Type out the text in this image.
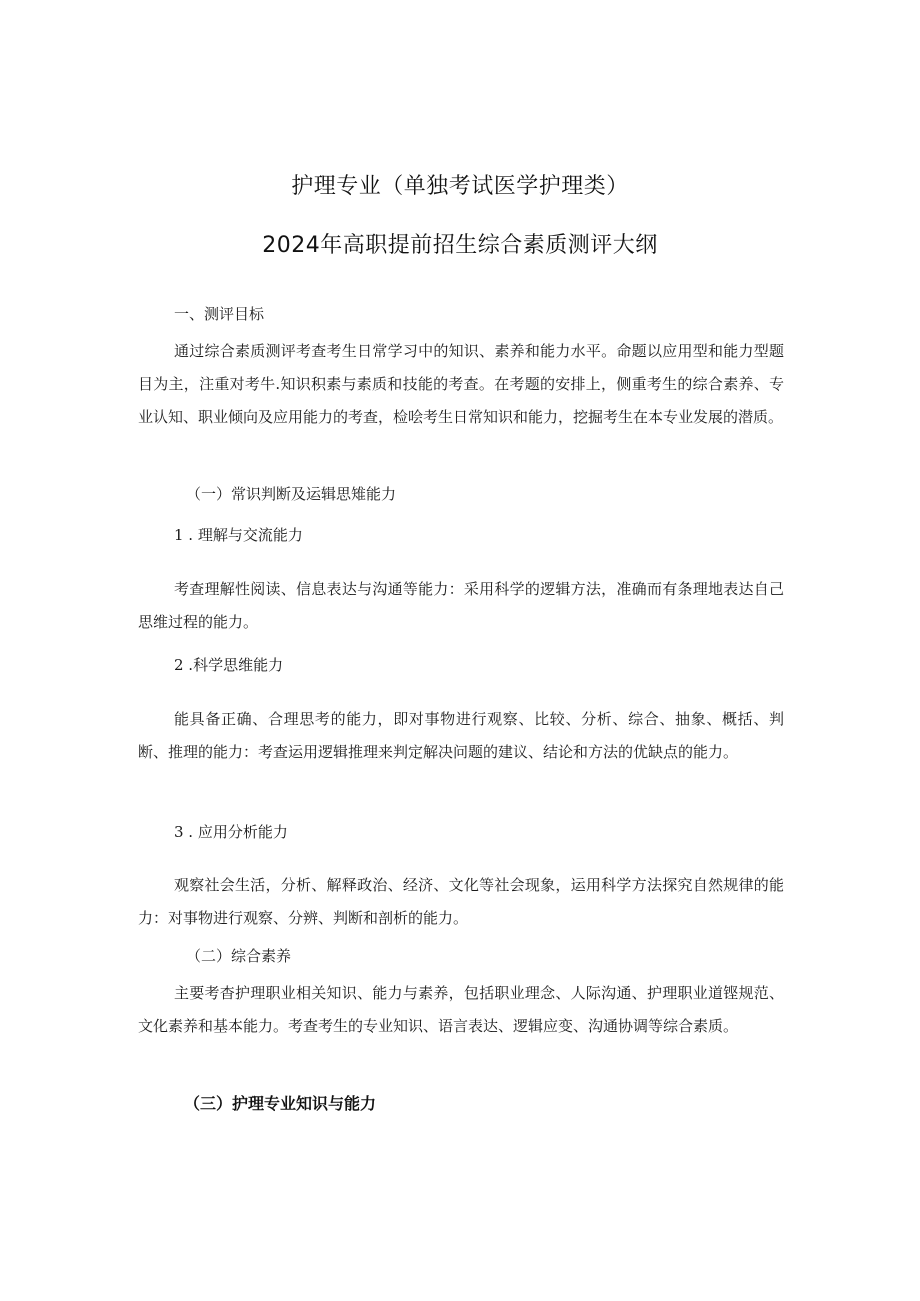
护理专业（单独考试医学护理类）
2024年高职提前招生综合素质测评大纲
一、测评目标
通过综合素质测评考查考生日常学习中的知识、素养和能力水平。命题以应用型和能力型题目为主，注重对考牛.知识积素与素质和技能的考查。在考题的安排上，侧重考生的综合素养、专业认知、职业倾向及应用能力的考查，检哙考生日常知识和能力，挖掘考生在本专业发展的潜质。
（一）常识判断及运辑思雉能力
1 . 理解与交流能力
考查理解性阅读、信息表达与沟通等能力：采用科学的逻辑方法，准确而有条理地表达自己思维过程的能力。
2 .科学思维能力
能具备正确、合理思考的能力，即对事物进行观察、比较、分析、综合、抽象、概括、判断、推理的能力：考查运用逻辑推理来判定解决问题的建议、结论和方法的优缺点的能力。
3 . 应用分析能力
观察社会生活，分析、解释政治、经济、文化等社会现象，运用科学方法探究自然规律的能力：对事物进行观察、分辨、判断和剖析的能力。
（二）综合素养
主要考杳护理职业相关知识、能力与素养，包括职业理念、人际沟通、护理职业道铿规范、文化素养和基本能力。考查考生的专业知识、语言表达、逻辑应变、沟通协调等综合素质。
（三）护理专业知识与能力
